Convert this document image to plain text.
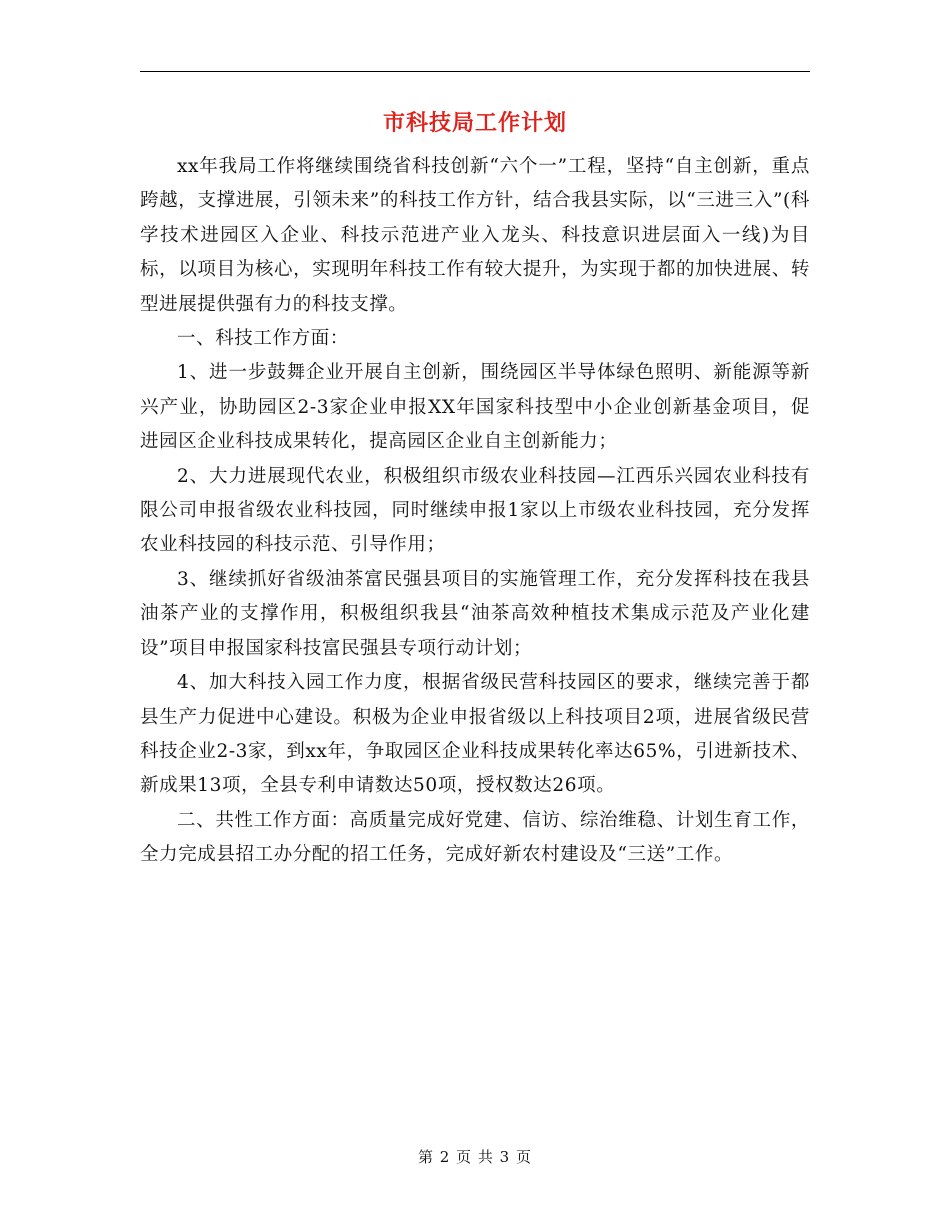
市科技局工作计划

xx年我局工作将继续围绕省科技创新“六个一”工程，坚持“自主创新，重点跨越，支撑进展，引领未来”的科技工作方针，结合我县实际，以“三进三入”(科学技术进园区入企业、科技示范进产业入龙头、科技意识进层面入一线)为目标，以项目为核心，实现明年科技工作有较大提升，为实现于都的加快进展、转型进展提供强有力的科技支撑。

一、科技工作方面：

1、进一步鼓舞企业开展自主创新，围绕园区半导体绿色照明、新能源等新兴产业，协助园区2-3家企业申报XX年国家科技型中小企业创新基金项目，促进园区企业科技成果转化，提高园区企业自主创新能力；

2、大力进展现代农业，积极组织市级农业科技园—江西乐兴园农业科技有限公司申报省级农业科技园，同时继续申报1家以上市级农业科技园，充分发挥农业科技园的科技示范、引导作用；

3、继续抓好省级油茶富民强县项目的实施管理工作，充分发挥科技在我县油茶产业的支撑作用，积极组织我县“油茶高效种植技术集成示范及产业化建设”项目申报国家科技富民强县专项行动计划；

4、加大科技入园工作力度，根据省级民营科技园区的要求，继续完善于都县生产力促进中心建设。积极为企业申报省级以上科技项目2项，进展省级民营科技企业2-3家，到xx年，争取园区企业科技成果转化率达65%，引进新技术、新成果13项，全县专利申请数达50项，授权数达26项。

二、共性工作方面：高质量完成好党建、信访、综治维稳、计划生育工作，全力完成县招工办分配的招工任务，完成好新农村建设及“三送”工作。

第 2 页 共 3 页
